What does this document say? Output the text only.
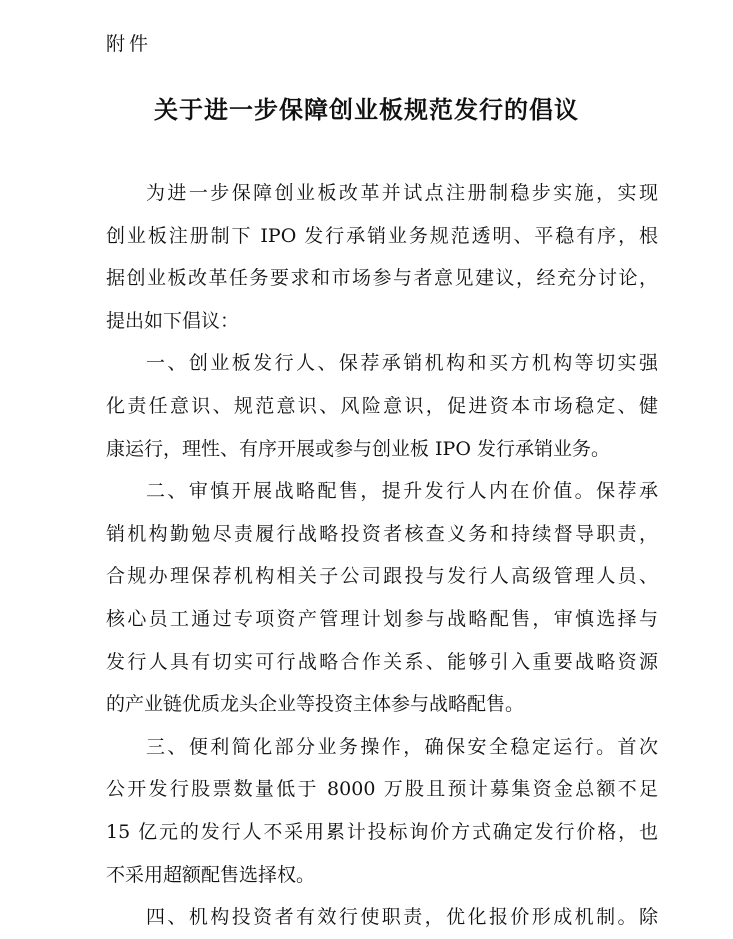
附件
关于进一步保障创业板规范发行的倡议
为进一步保障创业板改革并试点注册制稳步实施，实现
创业板注册制下 IPO 发行承销业务规范透明、平稳有序，根
据创业板改革任务要求和市场参与者意见建议，经充分讨论，
提出如下倡议：
一、创业板发行人、保荐承销机构和买方机构等切实强
化责任意识、规范意识、风险意识，促进资本市场稳定、健
康运行，理性、有序开展或参与创业板 IPO 发行承销业务。
二、审慎开展战略配售，提升发行人内在价值。保荐承
销机构勤勉尽责履行战略投资者核查义务和持续督导职责，
合规办理保荐机构相关子公司跟投与发行人高级管理人员、
核心员工通过专项资产管理计划参与战略配售，审慎选择与
发行人具有切实可行战略合作关系、能够引入重要战略资源
的产业链优质龙头企业等投资主体参与战略配售。
三、便利简化部分业务操作，确保安全稳定运行。首次
公开发行股票数量低于 8000 万股且预计募集资金总额不足
15 亿元的发行人不采用累计投标询价方式确定发行价格，也
不采用超额配售选择权。
四、机构投资者有效行使职责，优化报价形成机制。除
